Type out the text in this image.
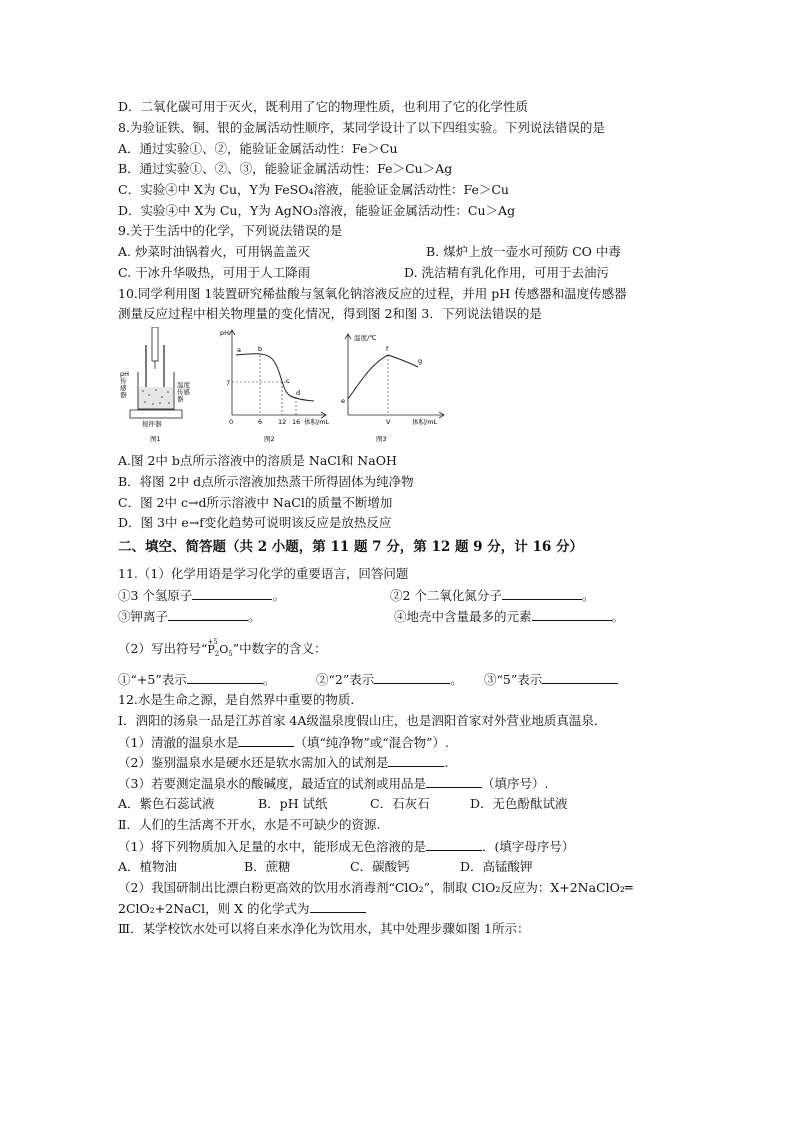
D．二氧化碳可用于灭火，既利用了它的物理性质，也利用了它的化学性质
8.为验证铁、铜、银的金属活动性顺序，某同学设计了以下四组实验。下列说法错误的是
A．通过实验①、②，能验证金属活动性：Fe＞Cu
B．通过实验①、②、③，能验证金属活动性：Fe＞Cu＞Ag
C．实验④中 X为 Cu，Y为 FeSO₄溶液，能验证金属活动性：Fe＞Cu
D．实验④中 X为 Cu，Y为 AgNO₃溶液，能验证金属活动性：Cu＞Ag
9.关于生活中的化学，下列说法错误的是
A. 炒菜时油锅着火，可用锅盖盖灭	B. 煤炉上放一壶水可预防 CO 中毒
C. 干冰升华吸热，可用于人工降雨	D. 洗洁精有乳化作用，可用于去油污
10.同学利用图 1装置研究稀盐酸与氢氧化钠溶液反应的过程，并用 pH 传感器和温度传感器
测量反应过程中相关物理量的变化情况，得到图 2和图 3．下列说法错误的是
pH
传
感
器
温度
传感
器
搅拌器
图1
pH
7
a	b
c
d
0	6 12 16 体积/mL
图2
温度/℃
e
f
g
V	体积/mL
图3
A.图 2中 b点所示溶液中的溶质是 NaCl和 NaOH
B．将图 2中 d点所示溶液加热蒸干所得固体为纯净物
C．图 2中 c→d所示溶液中 NaCl的质量不断增加
D．图 3中 e→f变化趋势可说明该反应是放热反应
二、填空、简答题（共 2 小题，第 11 题 7 分，第 12 题 9 分，计 16 分）
11.（1）化学用语是学习化学的重要语言，回答问题
①3 个氢原子	。	②2 个二氧化氮分子	。
③钾离子	。	④地壳中含量最多的元素	。
（2）写出符号“ +5
$P_2O_5$”中数字的含义：
①“+5”表示	。	②“2”表示	。 ③“5”表示
12.水是生命之源，是自然界中重要的物质．
Ⅰ．泗阳的汤泉一品是江苏首家 4A级温泉度假山庄，也是泗阳首家对外营业地质真温泉．
（1）清澈的温泉水是	（填“纯净物”或“混合物”）.
（2）鉴别温泉水是硬水还是软水需加入的试剂是	.
（3）若要测定温泉水的酸碱度，最适宜的试剂或用品是	（填序号）.
A．紫色石蕊试液	B．pH 试纸	C．石灰石	D．无色酚酞试液
Ⅱ．人们的生活离不开水，水是不可缺少的资源.
（1）将下列物质加入足量的水中，能形成无色溶液的是	．(填字母序号）
A．植物油	B．蔗糖	C．碳酸钙	D．高锰酸钾
（2）我国研制出比漂白粉更高效的饮用水消毒剂“ClO₂”，制取 ClO₂反应为：X+2NaClO₂═
2ClO₂+2NaCl，则 X 的化学式为
Ⅲ．某学校饮水处可以将自来水净化为饮用水，其中处理步骤如图 1所示：
